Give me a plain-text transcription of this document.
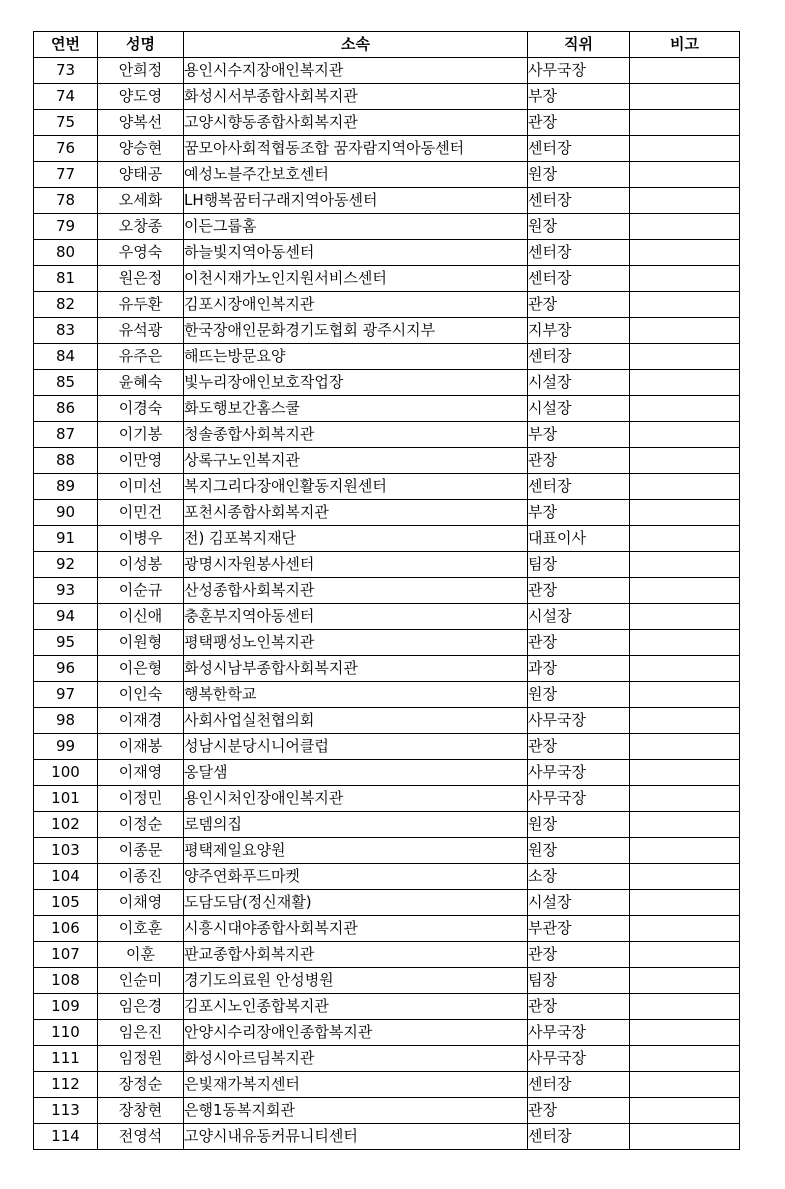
연번	성명	소속	직위	비고
73	안희정	용인시수지장애인복지관	사무국장	
74	양도영	화성시서부종합사회복지관	부장	
75	양복선	고양시향동종합사회복지관	관장	
76	양승현	꿈모아사회적협동조합 꿈자람지역아동센터	센터장	
77	양태공	예성노블주간보호센터	원장	
78	오세화	LH행복꿈터구래지역아동센터	센터장	
79	오창종	이든그룹홈	원장	
80	우영숙	하늘빛지역아동센터	센터장	
81	원은정	이천시재가노인지원서비스센터	센터장	
82	유두환	김포시장애인복지관	관장	
83	유석광	한국장애인문화경기도협회 광주시지부	지부장	
84	유주은	해뜨는방문요양	센터장	
85	윤혜숙	빛누리장애인보호작업장	시설장	
86	이경숙	화도행보간홈스쿨	시설장	
87	이기봉	청솔종합사회복지관	부장	
88	이만영	상록구노인복지관	관장	
89	이미선	복지그리다장애인활동지원센터	센터장	
90	이민건	포천시종합사회복지관	부장	
91	이병우	전) 김포복지재단	대표이사	
92	이성봉	광명시자원봉사센터	팀장	
93	이순규	산성종합사회복지관	관장	
94	이신애	충훈부지역아동센터	시설장	
95	이원형	평택팽성노인복지관	관장	
96	이은형	화성시남부종합사회복지관	과장	
97	이인숙	행복한학교	원장	
98	이재경	사회사업실천협의회	사무국장	
99	이재봉	성남시분당시니어클럽	관장	
100	이재영	옹달샘	사무국장	
101	이정민	용인시처인장애인복지관	사무국장	
102	이정순	로뎀의집	원장	
103	이종문	평택제일요양원	원장	
104	이종진	양주연화푸드마켓	소장	
105	이채영	도담도담(정신재활)	시설장	
106	이호훈	시흥시대야종합사회복지관	부관장	
107	이훈	판교종합사회복지관	관장	
108	인순미	경기도의료원 안성병원	팀장	
109	임은경	김포시노인종합복지관	관장	
110	임은진	안양시수리장애인종합복지관	사무국장	
111	임정원	화성시아르딤복지관	사무국장	
112	장정순	은빛재가복지센터	센터장	
113	장창현	은행1동복지회관	관장	
114	전영석	고양시내유동커뮤니티센터	센터장	
